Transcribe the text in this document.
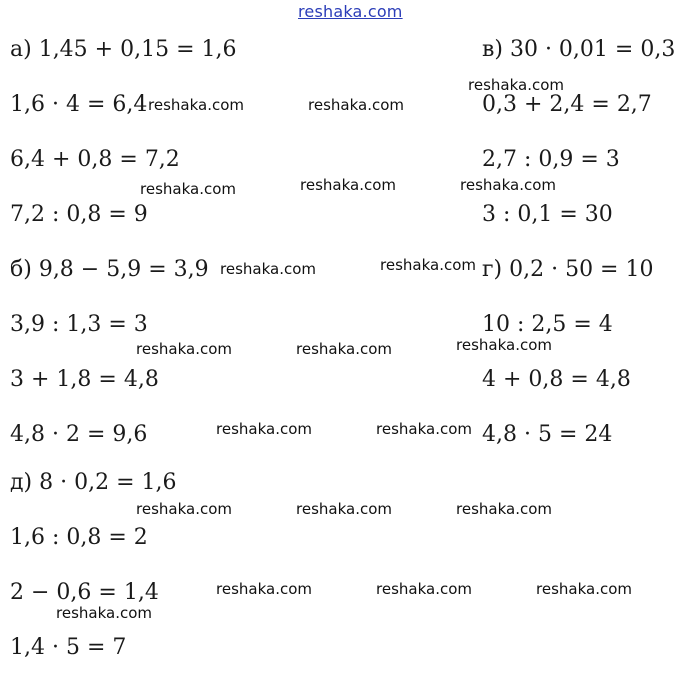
reshaka.com
а) 1,45 + 0,15 = 1,6
1,6 · 4 = 6,4
6,4 + 0,8 = 7,2
7,2 : 0,8 = 9
б) 9,8 − 5,9 = 3,9
3,9 : 1,3 = 3
3 + 1,8 = 4,8
4,8 · 2 = 9,6
д) 8 · 0,2 = 1,6
1,6 : 0,8 = 2
2 − 0,6 = 1,4
1,4 · 5 = 7
в) 30 · 0,01 = 0,3
0,3 + 2,4 = 2,7
2,7 : 0,9 = 3
3 : 0,1 = 30
г) 0,2 · 50 = 10
10 : 2,5 = 4
4 + 0,8 = 4,8
4,8 · 5 = 24
reshaka.com
reshaka.com	reshaka.com
reshaka.com	reshaka.com	reshaka.com
reshaka.com	reshaka.com
reshaka.com	reshaka.com	reshaka.com
reshaka.com	reshaka.com
reshaka.com	reshaka.com	reshaka.com
reshaka.com	reshaka.com	reshaka.com
reshaka.com
